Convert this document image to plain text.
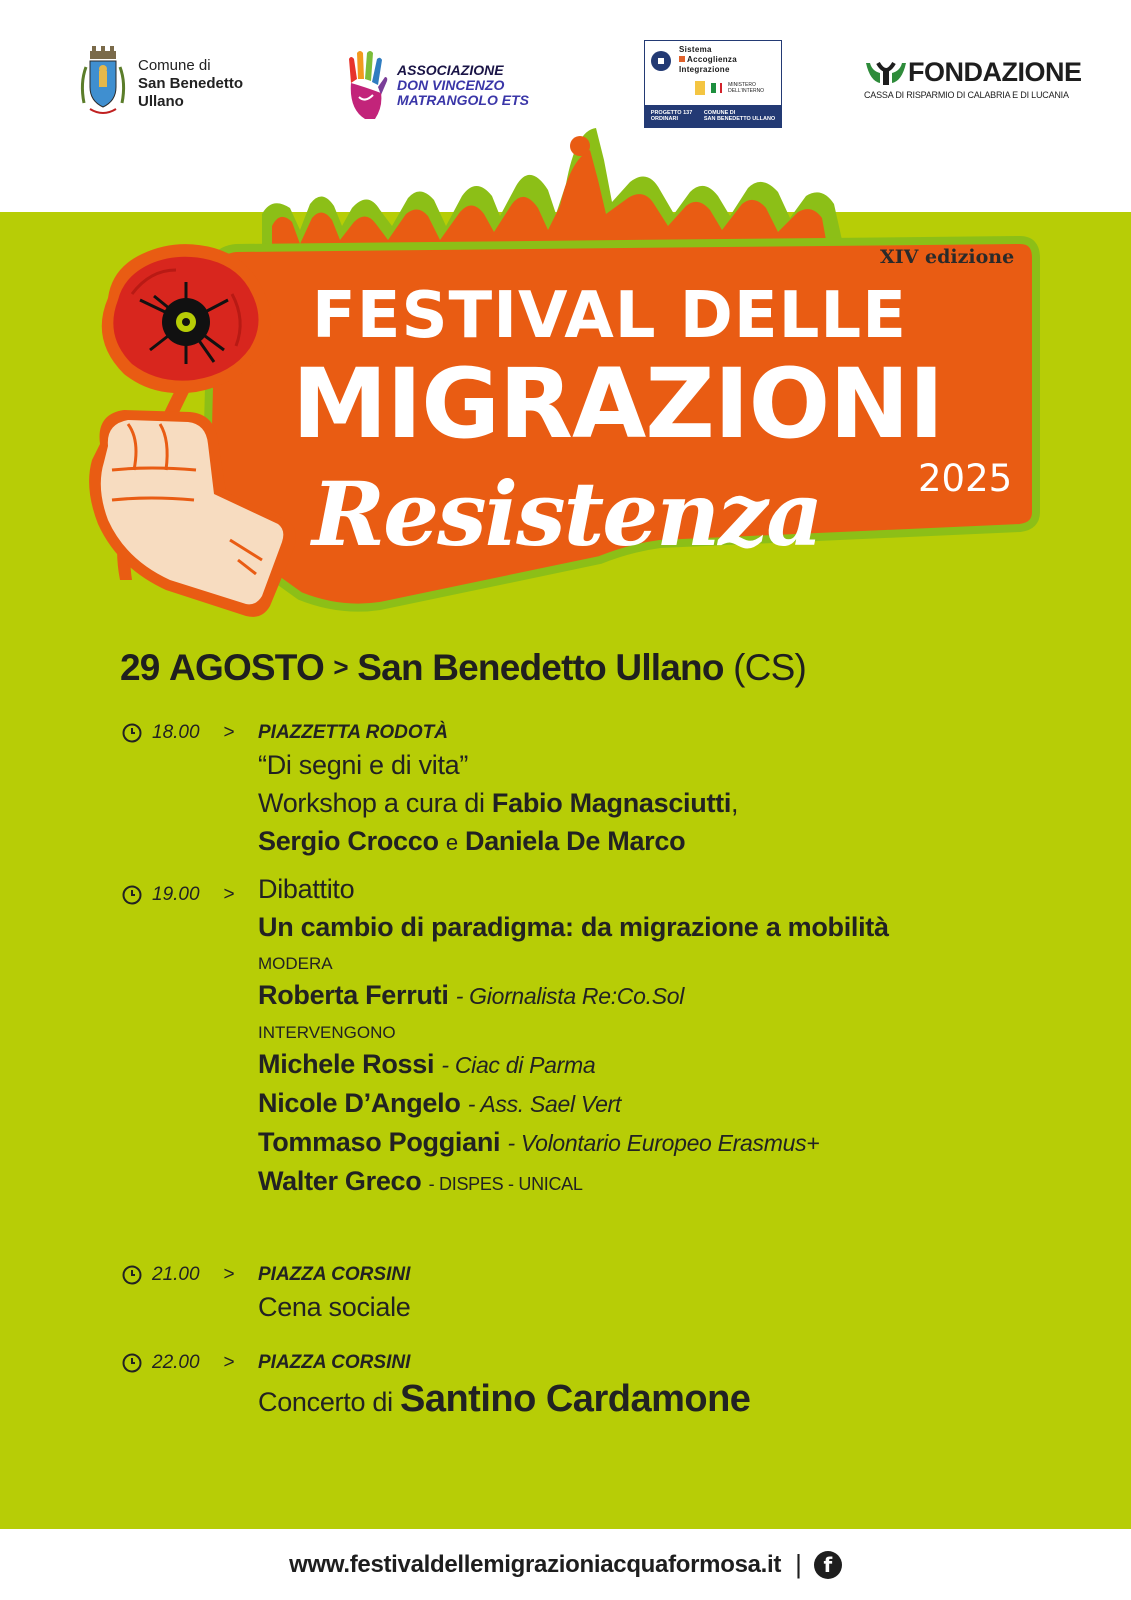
Comune di
San Benedetto
Ullano
ASSOCIAZIONE
DON VINCENZO
MATRANGOLO ETS
Sistema
Accoglienza
Integrazione
MINISTERO DELL'INTERNO
PROGETTO 137
ORDINARI
COMUNE DI
SAN BENEDETTO ULLANO
FONDAZIONE
CASSA DI RISPARMIO DI CALABRIA E DI LUCANIA
XIV edizione
FESTIVAL DELLE
MIGRAZIONI
2025
Resistenza
29 AGOSTO > San Benedetto Ullano (CS)
18.00 > PIAZZETTA RODOTÀ
“Di segni e di vita”
Workshop a cura di Fabio Magnasciutti,
Sergio Crocco e Daniela De Marco
19.00 > Dibattito
Un cambio di paradigma: da migrazione a mobilità
MODERA
Roberta Ferruti - Giornalista Re:Co.Sol
INTERVENGONO
Michele Rossi - Ciac di Parma
Nicole D’Angelo - Ass. Sael Vert
Tommaso Poggiani - Volontario Europeo Erasmus+
Walter Greco - DISPES - UNICAL
21.00 > PIAZZA CORSINI
Cena sociale
22.00 > PIAZZA CORSINI
Concerto di Santino Cardamone
www.festivaldellemigrazioniacquaformosa.it |	f
